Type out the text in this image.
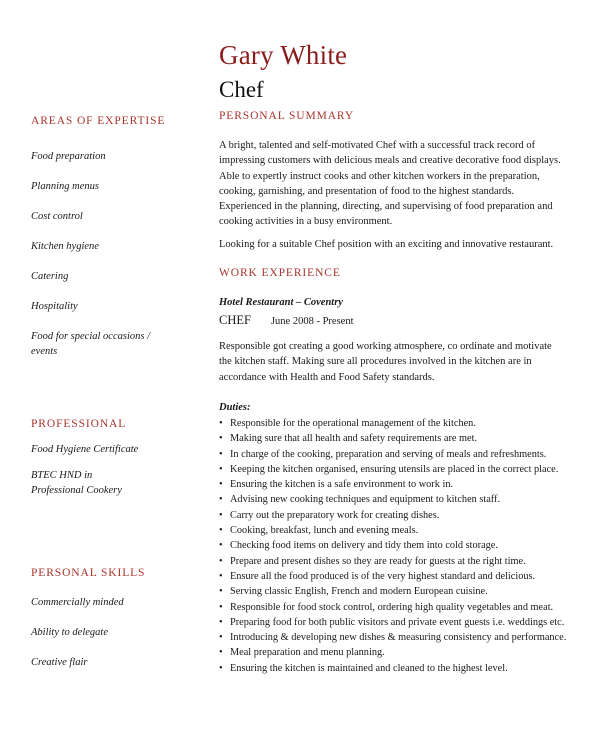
Gary White
Chef
AREAS OF EXPERTISE
Food preparation
Planning menus
Cost control
Kitchen hygiene
Catering
Hospitality
Food for special occasions / events
PROFESSIONAL
Food Hygiene Certificate
BTEC HND in Professional Cookery
PERSONAL SKILLS
Commercially minded
Ability to delegate
Creative flair
PERSONAL SUMMARY
A bright, talented and self-motivated Chef with a successful track record of
impressing customers with delicious meals and creative decorative food displays.
Able to expertly instruct cooks and other kitchen workers in the preparation,
cooking, garnishing, and presentation of food to the highest standards.
Experienced in the planning, directing, and supervising of food preparation and
cooking activities in a busy environment.
Looking for a suitable Chef position with an exciting and innovative restaurant.
WORK EXPERIENCE
Hotel Restaurant – Coventry
CHEF June 2008 - Present
Responsible got creating a good working atmosphere, co ordinate and motivate
the kitchen staff. Making sure all procedures involved in the kitchen are in
accordance with Health and Food Safety standards.
Duties:
• Responsible for the operational management of the kitchen.
• Making sure that all health and safety requirements are met.
• In charge of the cooking, preparation and serving of meals and refreshments.
• Keeping the kitchen organised, ensuring utensils are placed in the correct place.
• Ensuring the kitchen is a safe environment to work in.
• Advising new cooking techniques and equipment to kitchen staff.
• Carry out the preparatory work for creating dishes.
• Cooking, breakfast, lunch and evening meals.
• Checking food items on delivery and tidy them into cold storage.
• Prepare and present dishes so they are ready for guests at the right time.
• Ensure all the food produced is of the very highest standard and delicious.
• Serving classic English, French and modern European cuisine.
• Responsible for food stock control, ordering high quality vegetables and meat.
• Preparing food for both public visitors and private event guests i.e. weddings etc.
• Introducing & developing new dishes & measuring consistency and performance.
• Meal preparation and menu planning.
• Ensuring the kitchen is maintained and cleaned to the highest level.
